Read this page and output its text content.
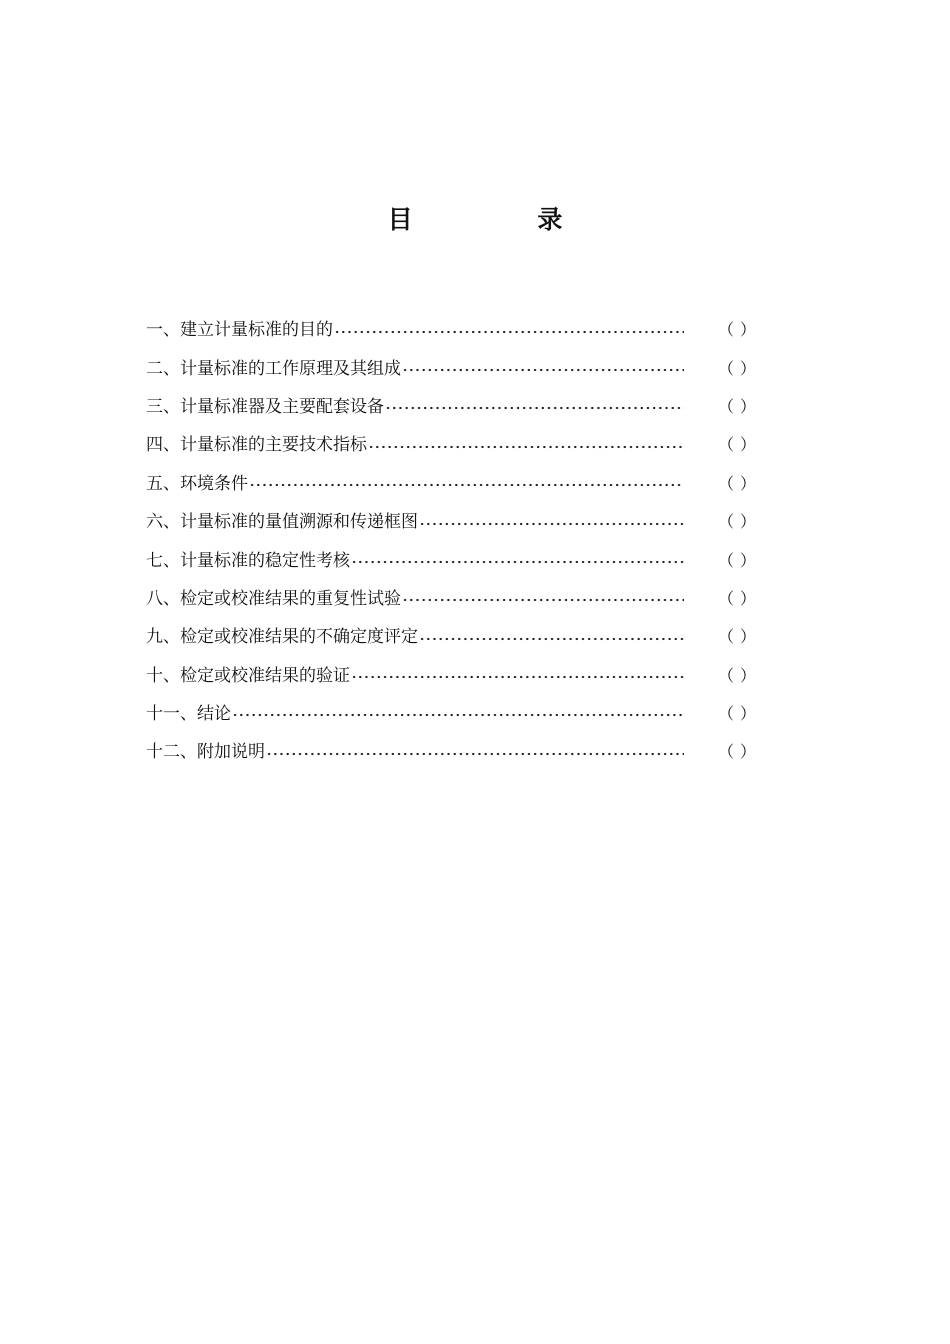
目 录
一、建立计量标准的目的	（ ）
二、计量标准的工作原理及其组成	（ ）
三、计量标准器及主要配套设备	（ ）
四、计量标准的主要技术指标	（ ）
五、环境条件	（ ）
六、计量标准的量值溯源和传递框图	（ ）
七、计量标准的稳定性考核	（ ）
八、检定或校准结果的重复性试验	（ ）
九、检定或校准结果的不确定度评定	（ ）
十、检定或校准结果的验证	（ ）
十一、结论	（ ）
十二、附加说明	（ ）
